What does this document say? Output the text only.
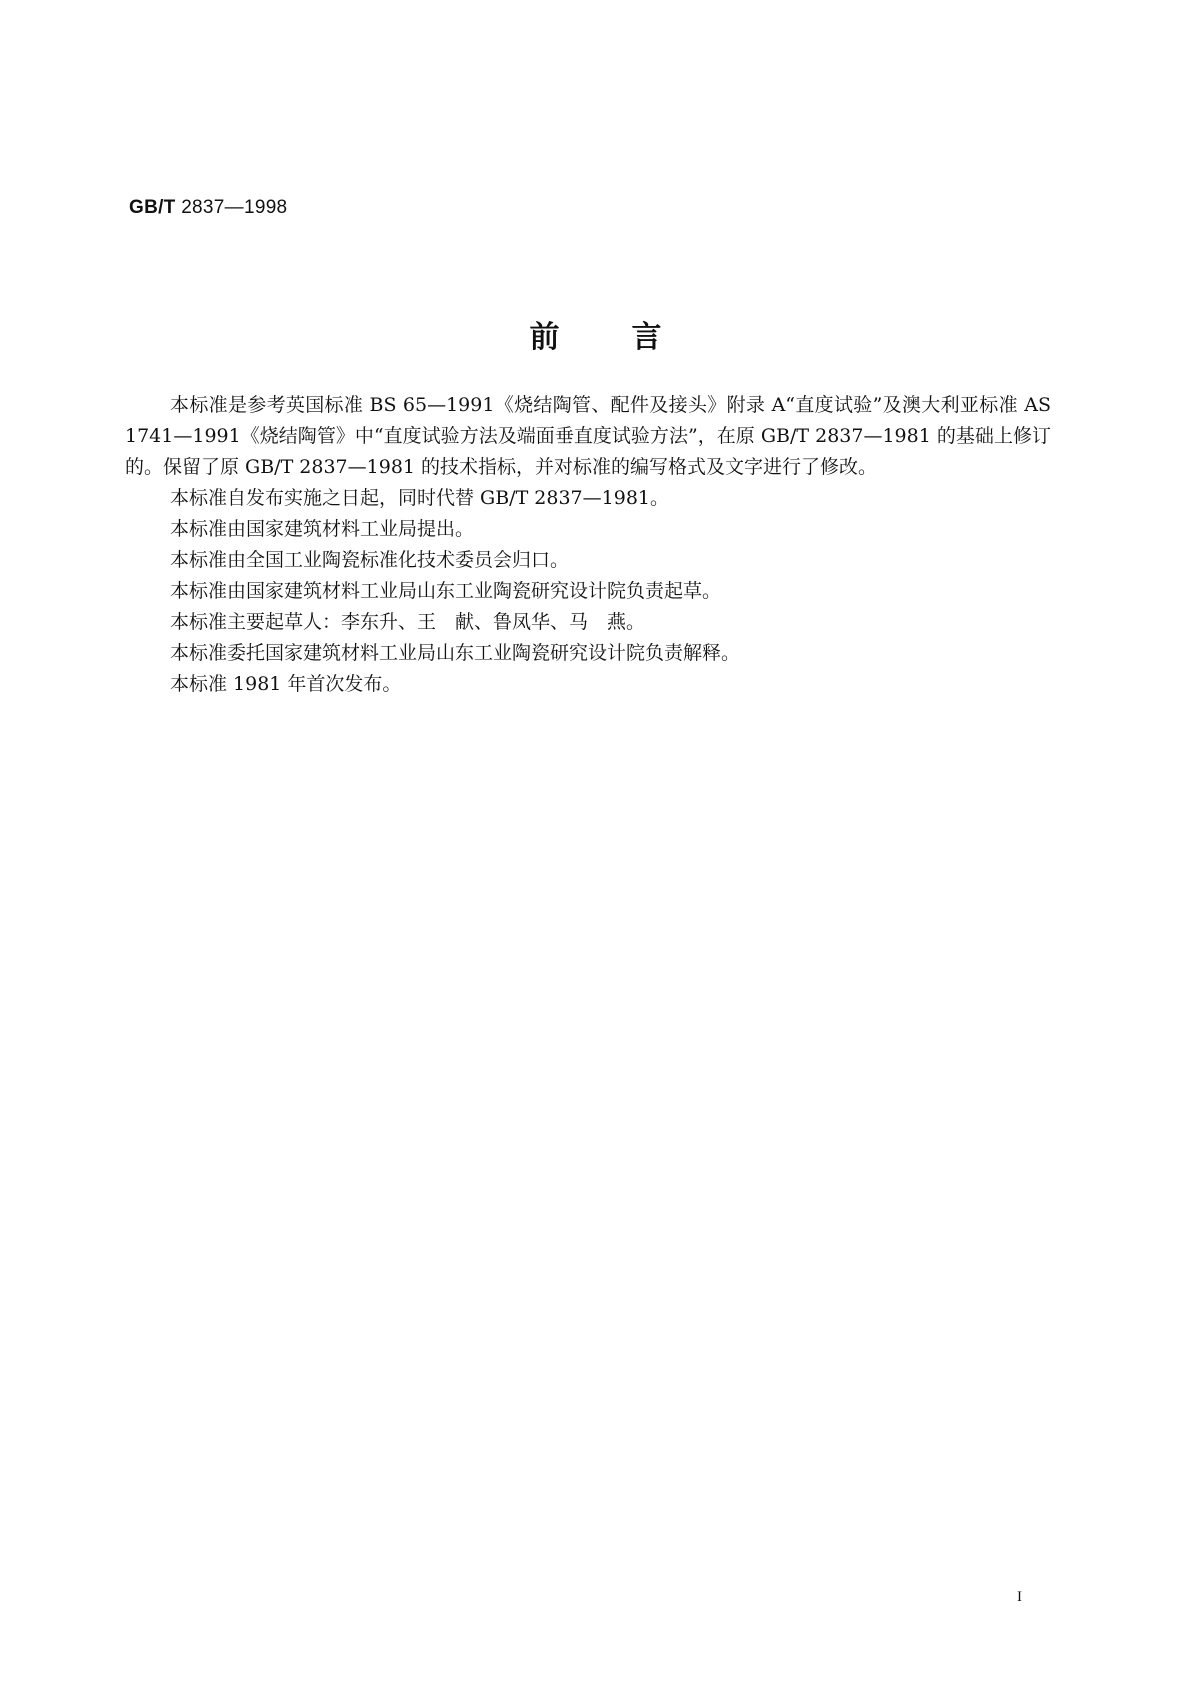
GB/T 2837—1998
前言

本标准是参考英国标准 BS 65—1991《烧结陶管、配件及接头》附录 A“直度试验”及澳大利亚标准 AS 1741—1991《烧结陶管》中“直度试验方法及端面垂直度试验方法”，在原 GB/T 2837—1981 的基础上修订的。保留了原 GB/T 2837—1981 的技术指标，并对标准的编写格式及文字进行了修改。

本标准自发布实施之日起，同时代替 GB/T 2837—1981。

本标准由国家建筑材料工业局提出。

本标准由全国工业陶瓷标准化技术委员会归口。

本标准由国家建筑材料工业局山东工业陶瓷研究设计院负责起草。

本标准主要起草人：李东升、王　献、鲁凤华、马　燕。

本标准委托国家建筑材料工业局山东工业陶瓷研究设计院负责解释。

本标准 1981 年首次发布。

I
